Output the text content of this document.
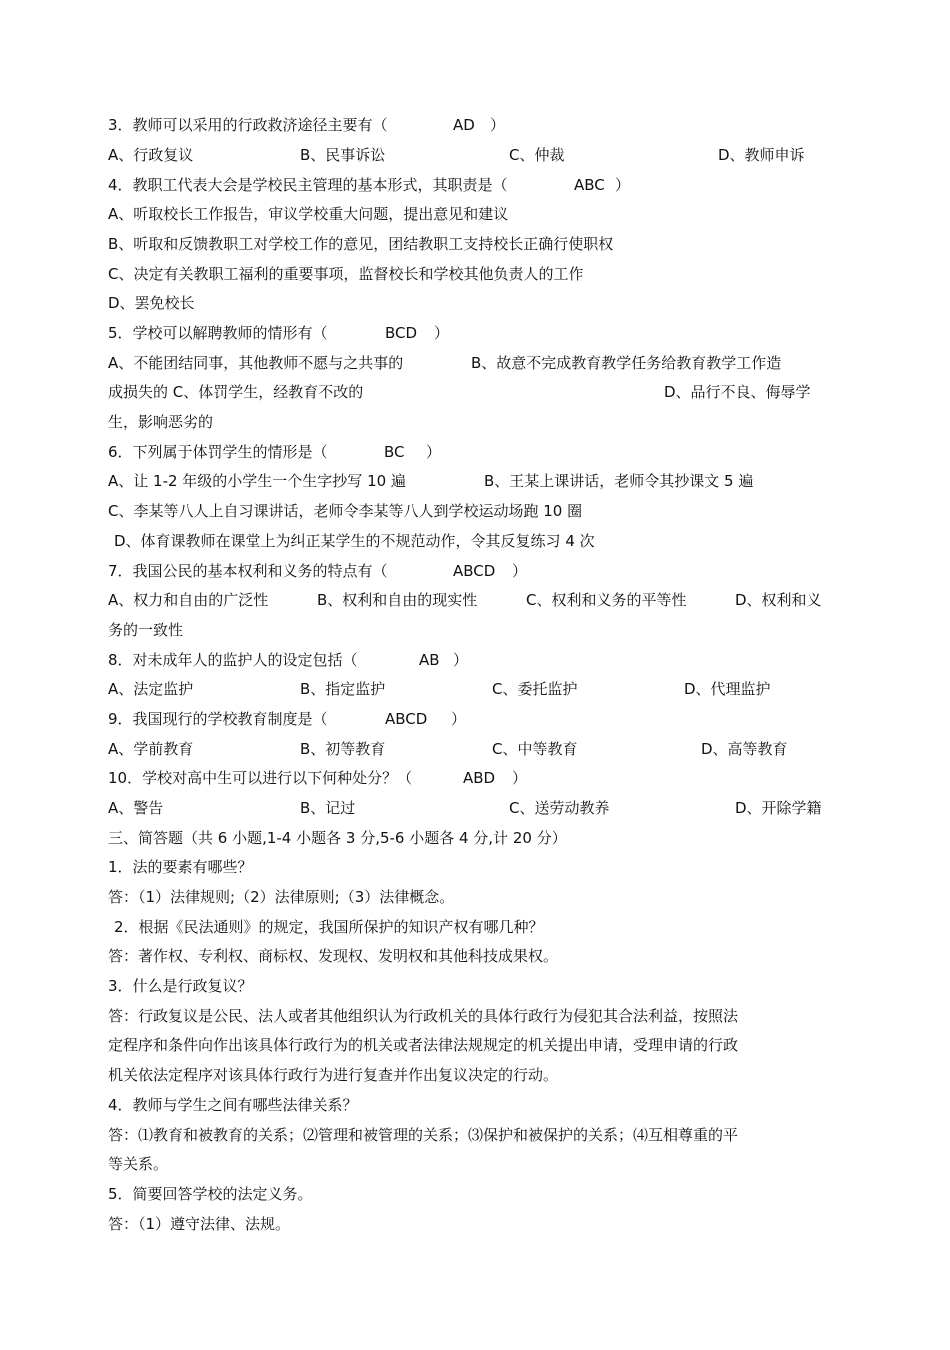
3．教师可以采用的行政救济途径主要有（	AD ）
A、行政复议	B、民事诉讼	C、仲裁	D、教师申诉
4．教职工代表大会是学校民主管理的基本形式，其职责是（	ABC ）
A、听取校长工作报告，审议学校重大问题，提出意见和建议
B、听取和反馈教职工对学校工作的意见，团结教职工支持校长正确行使职权
C、决定有关教职工福利的重要事项，监督校长和学校其他负责人的工作
D、罢免校长
5．学校可以解聘教师的情形有（	BCD ）
A、不能团结同事，其他教师不愿与之共事的	B、故意不完成教育教学任务给教育教学工作造
成损失的 C、体罚学生，经教育不改的	D、品行不良、侮辱学
生，影响恶劣的
6．下列属于体罚学生的情形是（	BC ）
A、让 1-2 年级的小学生一个生字抄写 10 遍	B、王某上课讲话，老师令其抄课文 5 遍
C、李某等八人上自习课讲话，老师令李某等八人到学校运动场跑 10 圈
D、体育课教师在课堂上为纠正某学生的不规范动作，令其反复练习 4 次
7．我国公民的基本权利和义务的特点有（	ABCD ）
A、权力和自由的广泛性	B、权利和自由的现实性	C、权利和义务的平等性	D、权利和义
务的一致性
8．对未成年人的监护人的设定包括（	AB ）
A、法定监护	B、指定监护	C、委托监护	D、代理监护
9．我国现行的学校教育制度是（	ABCD ）
A、学前教育	B、初等教育	C、中等教育	D、高等教育
10．学校对高中生可以进行以下何种处分？（	ABD ）
A、警告	B、记过	C、送劳动教养	D、开除学籍
三、简答题（共 6 小题,1-4 小题各 3 分,5-6 小题各 4 分,计 20 分）
1．法的要素有哪些？
答：（1）法律规则;（2）法律原则;（3）法律概念。
2．根据《民法通则》的规定，我国所保护的知识产权有哪几种？
答：著作权、专利权、商标权、发现权、发明权和其他科技成果权。
3．什么是行政复议？
答：行政复议是公民、法人或者其他组织认为行政机关的具体行政行为侵犯其合法利益，按照法
定程序和条件向作出该具体行政行为的机关或者法律法规规定的机关提出申请，受理申请的行政
机关依法定程序对该具体行政行为进行复查并作出复议决定的行动。
4．教师与学生之间有哪些法律关系？
答：⑴教育和被教育的关系；⑵管理和被管理的关系；⑶保护和被保护的关系；⑷互相尊重的平
等关系。
5．简要回答学校的法定义务。
答：（1）遵守法律、法规。
